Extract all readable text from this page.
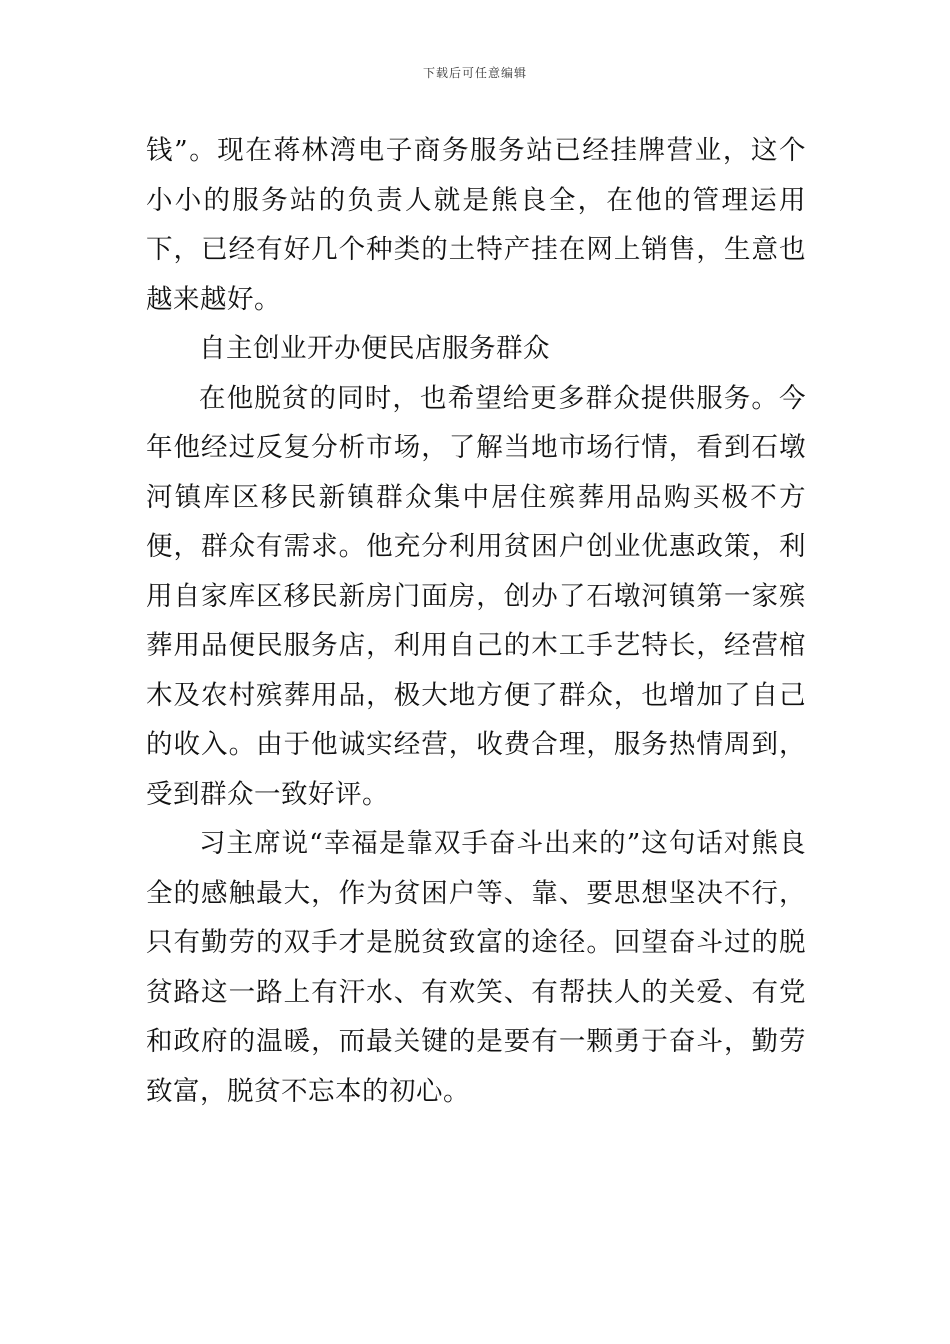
下载后可任意编辑

钱”。现在蒋林湾电子商务服务站已经挂牌营业，这个小小的服务站的负责人就是熊良全，在他的管理运用下，已经有好几个种类的土特产挂在网上销售，生意也越来越好。

自主创业开办便民店服务群众

在他脱贫的同时，也希望给更多群众提供服务。今年他经过反复分析市场，了解当地市场行情，看到石墩河镇库区移民新镇群众集中居住殡葬用品购买极不方便，群众有需求。他充分利用贫困户创业优惠政策，利用自家库区移民新房门面房，创办了石墩河镇第一家殡葬用品便民服务店，利用自己的木工手艺特长，经营棺木及农村殡葬用品，极大地方便了群众，也增加了自己的收入。由于他诚实经营，收费合理，服务热情周到，受到群众一致好评。

习主席说“幸福是靠双手奋斗出来的”这句话对熊良全的感触最大，作为贫困户等、靠、要思想坚决不行，只有勤劳的双手才是脱贫致富的途径。回望奋斗过的脱贫路这一路上有汗水、有欢笑、有帮扶人的关爱、有党和政府的温暖，而最关键的是要有一颗勇于奋斗，勤劳致富，脱贫不忘本的初心。
